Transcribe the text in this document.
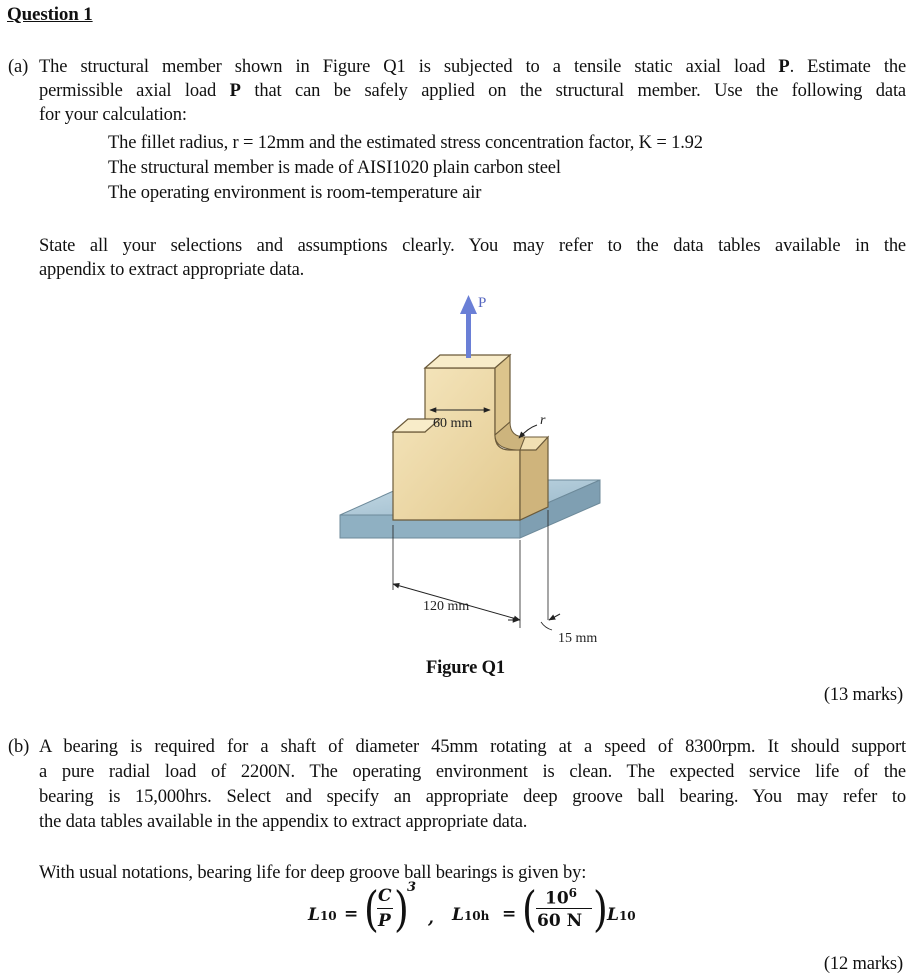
Question 1
(a) The structural member shown in Figure Q1 is subjected to a tensile static axial load P. Estimate the
permissible axial load P that can be safely applied on the structural member. Use the following data
for your calculation:
The fillet radius, r = 12mm and the estimated stress concentration factor, K = 1.92
The structural member is made of AISI1020 plain carbon steel
The operating environment is room-temperature air
State all your selections and assumptions clearly. You may refer to the data tables available in the
appendix to extract appropriate data.
P
60 mm	r
120 mm
15 mm
Figure Q1
(13 marks)
(b) A bearing is required for a shaft of diameter 45mm rotating at a speed of 8300rpm. It should support
a pure radial load of 2200N. The operating environment is clean. The expected service life of the
bearing is 15,000hrs. Select and specify an appropriate deep groove ball bearing. You may refer to
the data tables available in the appendix to extract appropriate data.
With usual notations, bearing life for deep groove ball bearings is given by:
L10 = ( C
P )
3
, L10h = ( $10^6$
60 N ) L10
(12 marks)
